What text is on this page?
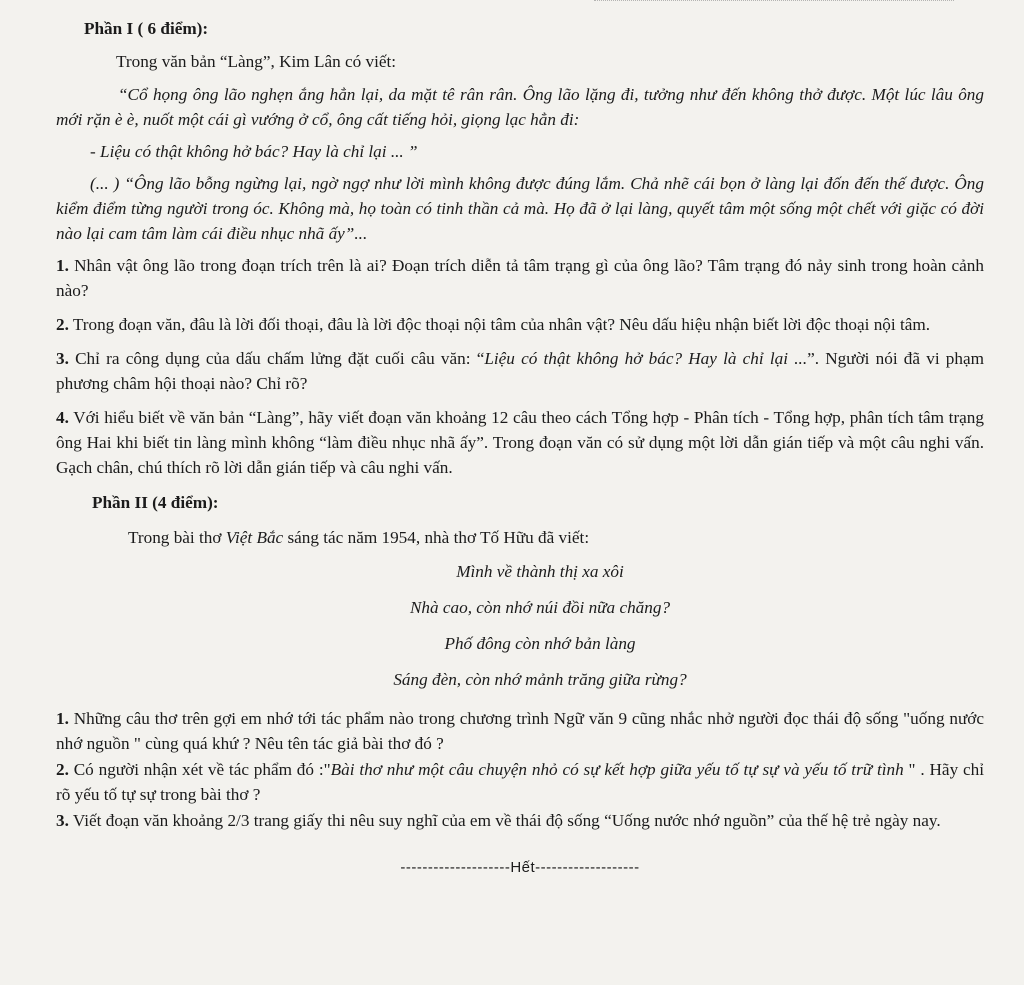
Phần I ( 6 điểm):
Trong văn bản “Làng”, Kim Lân có viết:
“Cổ họng ông lão nghẹn ắng hẳn lại, da mặt tê rân rân. Ông lão lặng đi, tưởng như đến không thở được. Một lúc lâu ông mới rặn è è, nuốt một cái gì vướng ở cổ, ông cất tiếng hỏi, giọng lạc hẳn đi:
- Liệu có thật không hở bác? Hay là chỉ lại ... ”
(... ) “Ông lão bỗng ngừng lại, ngờ ngợ như lời mình không được đúng lắm. Chả nhẽ cái bọn ở làng lại đốn đến thế được. Ông kiểm điểm từng người trong óc. Không mà, họ toàn có tinh thần cả mà. Họ đã ở lại làng, quyết tâm một sống một chết với giặc có đời nào lại cam tâm làm cái điều nhục nhã ấy”...
1. Nhân vật ông lão trong đoạn trích trên là ai? Đoạn trích diễn tả tâm trạng gì của ông lão? Tâm trạng đó nảy sinh trong hoàn cảnh nào?
2. Trong đoạn văn, đâu là lời đối thoại, đâu là lời độc thoại nội tâm của nhân vật? Nêu dấu hiệu nhận biết lời độc thoại nội tâm.
3. Chỉ ra công dụng của dấu chấm lửng đặt cuối câu văn: “Liệu có thật không hở bác? Hay là chỉ lại ...”. Người nói đã vi phạm phương châm hội thoại nào? Chỉ rõ?
4. Với hiểu biết về văn bản “Làng”, hãy viết đoạn văn khoảng 12 câu theo cách Tổng hợp - Phân tích - Tổng hợp, phân tích tâm trạng ông Hai khi biết tin làng mình không “làm điều nhục nhã ấy”. Trong đoạn văn có sử dụng một lời dẫn gián tiếp và một câu nghi vấn. Gạch chân, chú thích rõ lời dẫn gián tiếp và câu nghi vấn.
Phần II (4 điểm):
Trong bài thơ Việt Bắc sáng tác năm 1954, nhà thơ Tố Hữu đã viết:
Mình về thành thị xa xôi
Nhà cao, còn nhớ núi đồi nữa chăng?
Phố đông còn nhớ bản làng
Sáng đèn, còn nhớ mảnh trăng giữa rừng?
1. Những câu thơ trên gợi em nhớ tới tác phẩm nào trong chương trình Ngữ văn 9 cũng nhắc nhở người đọc thái độ sống "uống nước nhớ nguồn " cùng quá khứ ? Nêu tên tác giả bài thơ đó ?
2. Có người nhận xét về tác phẩm đó :"Bài thơ như một câu chuyện nhỏ có sự kết hợp giữa yếu tố tự sự và yếu tố trữ tình " . Hãy chỉ rõ yếu tố tự sự trong bài thơ ?
3. Viết đoạn văn khoảng 2/3 trang giấy thi nêu suy nghĩ của em về thái độ sống “Uống nước nhớ nguồn” của thế hệ trẻ ngày nay.
--------------------Hết-------------------
